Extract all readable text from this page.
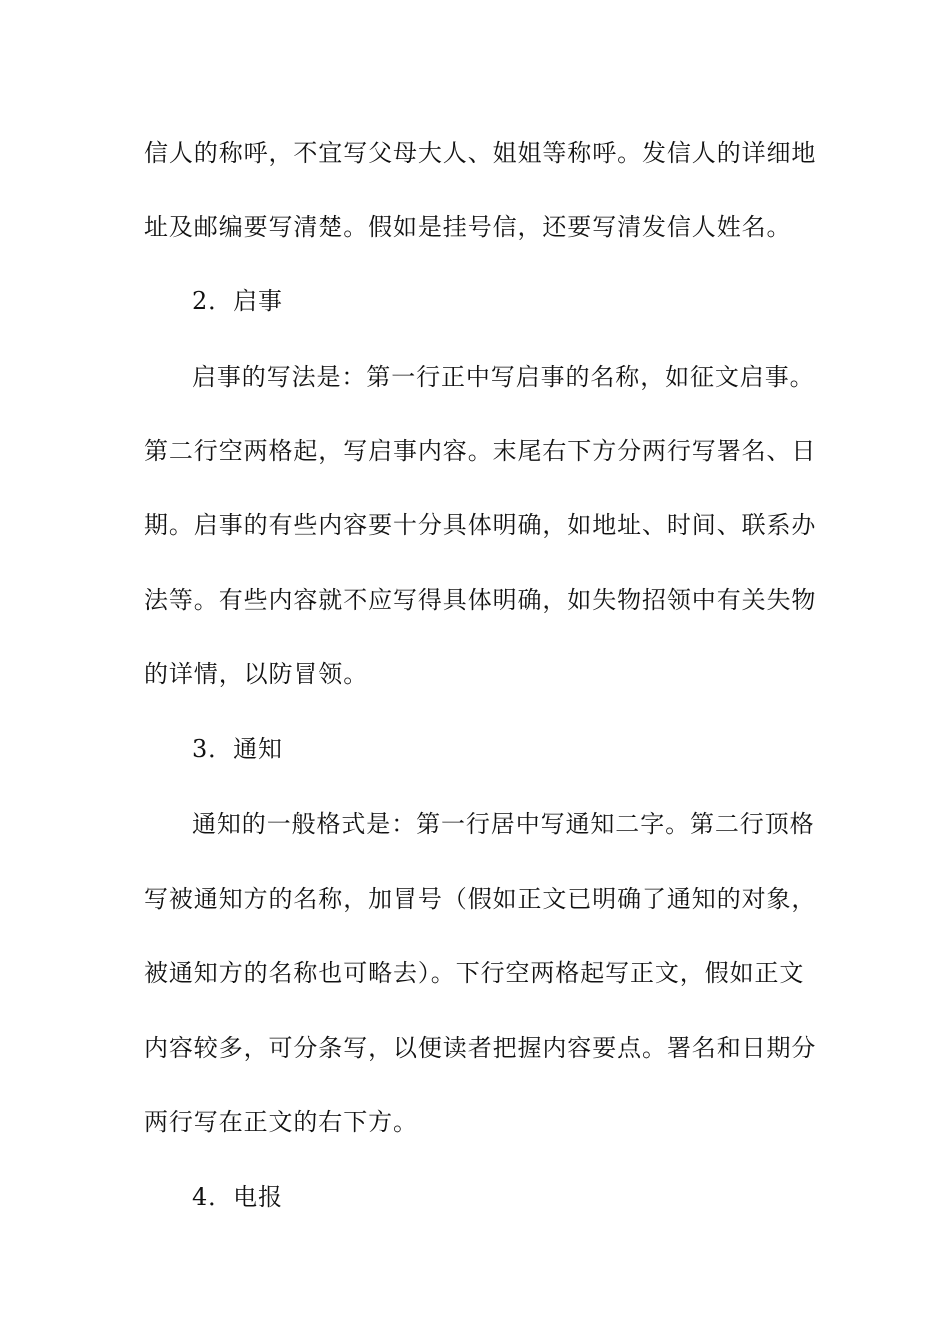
信人的称呼，不宜写父母大人、姐姐等称呼。发信人的详细地
址及邮编要写清楚。假如是挂号信，还要写清发信人姓名。
2．启事
启事的写法是：第一行正中写启事的名称，如征文启事。
第二行空两格起，写启事内容。末尾右下方分两行写署名、日
期。启事的有些内容要十分具体明确，如地址、时间、联系办
法等。有些内容就不应写得具体明确，如失物招领中有关失物
的详情，以防冒领。
3．通知
通知的一般格式是：第一行居中写通知二字。第二行顶格
写被通知方的名称，加冒号（假如正文已明确了通知的对象，
被通知方的名称也可略去）。下行空两格起写正文，假如正文
内容较多，可分条写，以便读者把握内容要点。署名和日期分
两行写在正文的右下方。
4．电报
